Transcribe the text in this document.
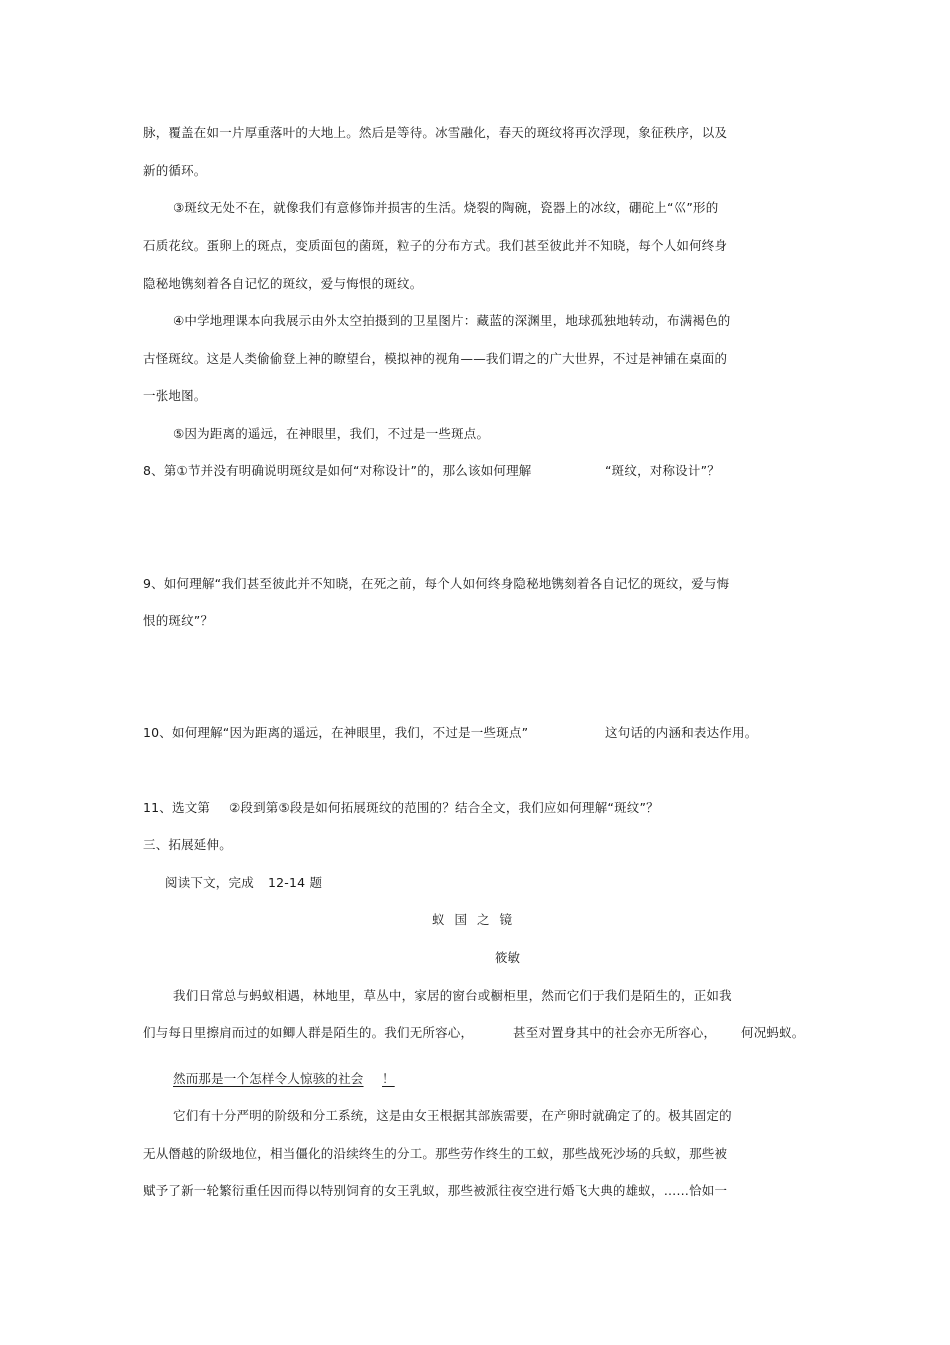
脉，覆盖在如一片厚重落叶的大地上。然后是等待。冰雪融化，春天的斑纹将再次浮现，象征秩序，以及
新的循环。
③斑纹无处不在，就像我们有意修饰并损害的生活。烧裂的陶碗，瓷器上的冰纹，硼砣上“巛”形的
石质花纹。蛋卵上的斑点，变质面包的菌斑，粒子的分布方式。我们甚至彼此并不知晓，每个人如何终身
隐秘地镌刻着各自记忆的斑纹，爱与悔恨的斑纹。
④中学地理课本向我展示由外太空拍摄到的卫星图片：藏蓝的深渊里，地球孤独地转动，布满褐色的
古怪斑纹。这是人类偷偷登上神的瞭望台，模拟神的视角——我们谓之的广大世界，不过是神铺在桌面的
一张地图。
⑤因为距离的遥远，在神眼里，我们，不过是一些斑点。
8、第①节并没有明确说明斑纹是如何“对称设计”的，那么该如何理解	“斑纹，对称设计”？
9、如何理解“我们甚至彼此并不知晓，在死之前，每个人如何终身隐秘地镌刻着各自记忆的斑纹，爱与悔
恨的斑纹”？
10、如何理解“因为距离的遥远，在神眼里，我们，不过是一些斑点”	这句话的内涵和表达作用。
11、选文第 ②段到第⑤段是如何拓展斑纹的范围的？结合全文，我们应如何理解“斑纹”？
三、拓展延伸。
阅读下文，完成 12-14 题
蚁国之镜
筱敏
我们日常总与蚂蚁相遇，林地里，草丛中，家居的窗台或橱柜里，然而它们于我们是陌生的，正如我
们与每日里擦肩而过的如鲫人群是陌生的。我们无所容心，	甚至对置身其中的社会亦无所容心， 何况蚂蚁。
然而那是一个怎样令人惊骇的社会 ！
它们有十分严明的阶级和分工系统，这是由女王根据其部族需要，在产卵时就确定了的。极其固定的
无从僭越的阶级地位，相当僵化的沿续终生的分工。那些劳作终生的工蚁，那些战死沙场的兵蚁，那些被
赋予了新一轮繁衍重任因而得以特别饲育的女王乳蚁，那些被派往夜空进行婚飞大典的雄蚁，……恰如一
